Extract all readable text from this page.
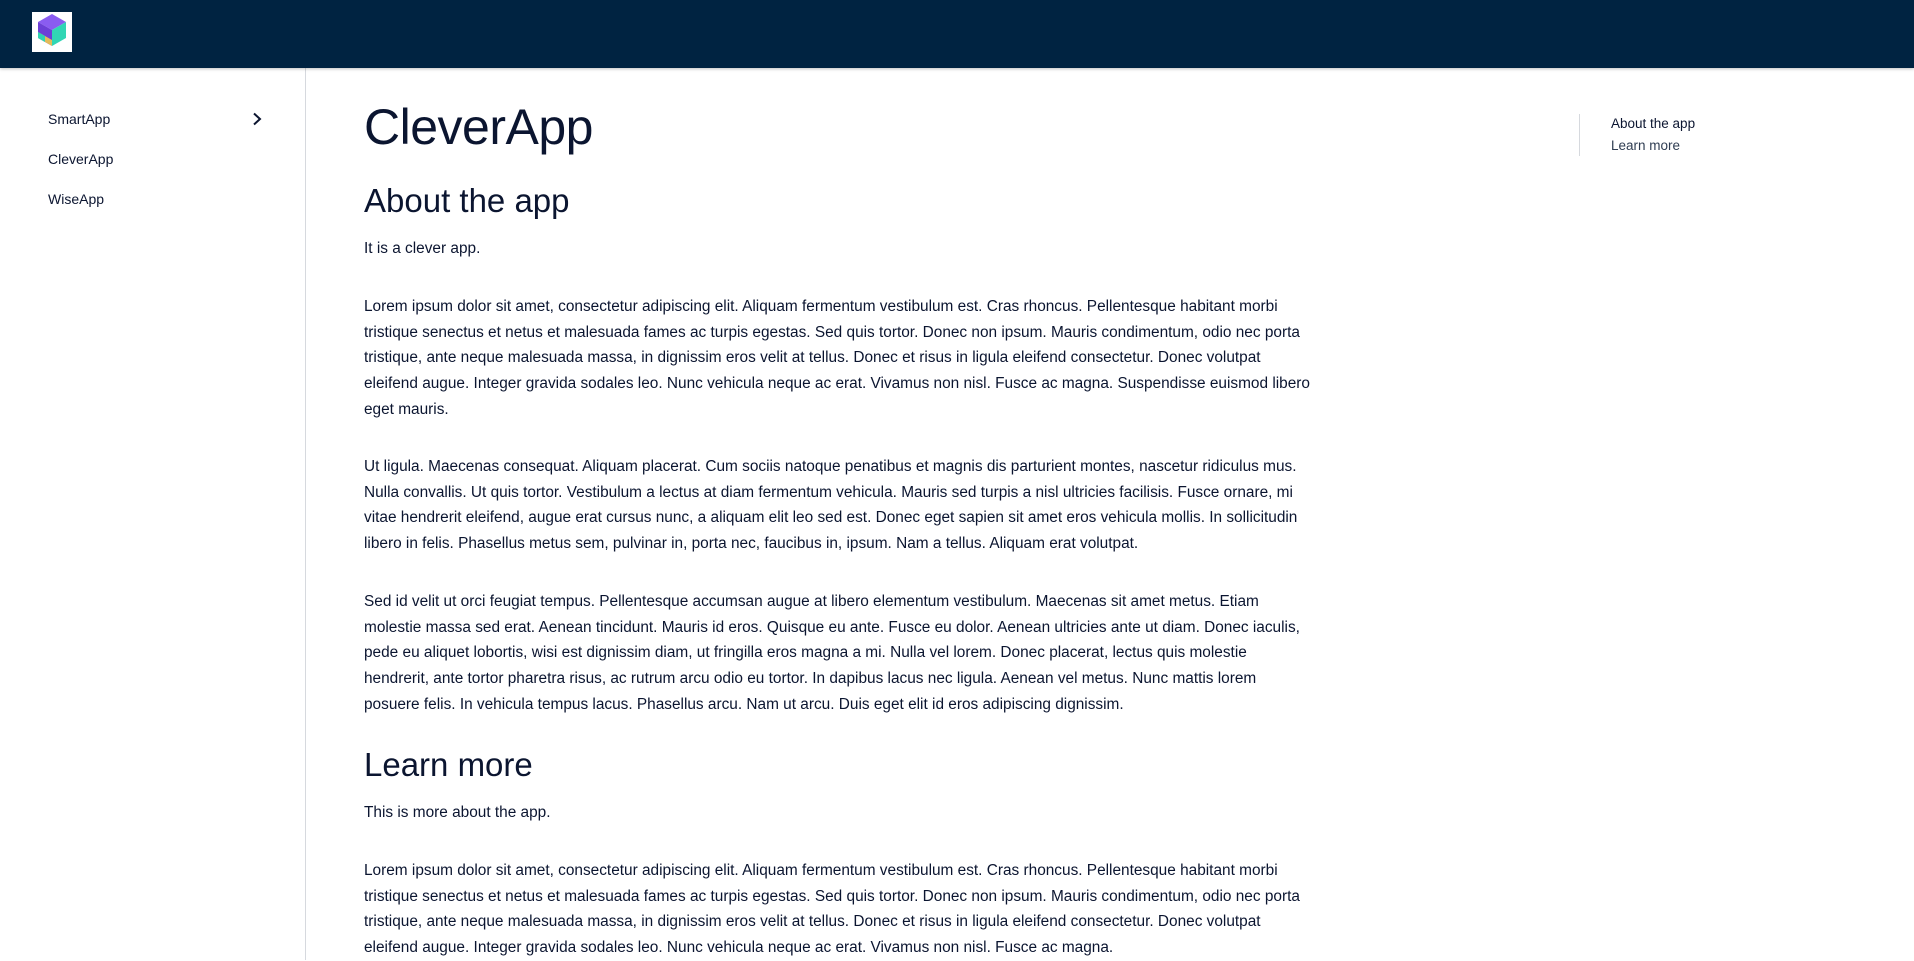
SmartApp
CleverApp
WiseApp
CleverApp
About the app
It is a clever app.
Lorem ipsum dolor sit amet, consectetur adipiscing elit. Aliquam fermentum vestibulum est. Cras rhoncus. Pellentesque habitant morbi tristique senectus et netus et malesuada fames ac turpis egestas. Sed quis tortor. Donec non ipsum. Mauris condimentum, odio nec porta tristique, ante neque malesuada massa, in dignissim eros velit at tellus. Donec et risus in ligula eleifend consectetur. Donec volutpat eleifend augue. Integer gravida sodales leo. Nunc vehicula neque ac erat. Vivamus non nisl. Fusce ac magna. Suspendisse euismod libero eget mauris.
Ut ligula. Maecenas consequat. Aliquam placerat. Cum sociis natoque penatibus et magnis dis parturient montes, nascetur ridiculus mus. Nulla convallis. Ut quis tortor. Vestibulum a lectus at diam fermentum vehicula. Mauris sed turpis a nisl ultricies facilisis. Fusce ornare, mi vitae hendrerit eleifend, augue erat cursus nunc, a aliquam elit leo sed est. Donec eget sapien sit amet eros vehicula mollis. In sollicitudin libero in felis. Phasellus metus sem, pulvinar in, porta nec, faucibus in, ipsum. Nam a tellus. Aliquam erat volutpat.
Sed id velit ut orci feugiat tempus. Pellentesque accumsan augue at libero elementum vestibulum. Maecenas sit amet metus. Etiam molestie massa sed erat. Aenean tincidunt. Mauris id eros. Quisque eu ante. Fusce eu dolor. Aenean ultricies ante ut diam. Donec iaculis, pede eu aliquet lobortis, wisi est dignissim diam, ut fringilla eros magna a mi. Nulla vel lorem. Donec placerat, lectus quis molestie hendrerit, ante tortor pharetra risus, ac rutrum arcu odio eu tortor. In dapibus lacus nec ligula. Aenean vel metus. Nunc mattis lorem posuere felis. In vehicula tempus lacus. Phasellus arcu. Nam ut arcu. Duis eget elit id eros adipiscing dignissim.
Learn more
This is more about the app.
Lorem ipsum dolor sit amet, consectetur adipiscing elit. Aliquam fermentum vestibulum est. Cras rhoncus. Pellentesque habitant morbi tristique senectus et netus et malesuada fames ac turpis egestas. Sed quis tortor. Donec non ipsum. Mauris condimentum, odio nec porta tristique, ante neque malesuada massa, in dignissim eros velit at tellus. Donec et risus in ligula eleifend consectetur. Donec volutpat eleifend augue. Integer gravida sodales leo. Nunc vehicula neque ac erat. Vivamus non nisl. Fusce ac magna.
About the app
Learn more
